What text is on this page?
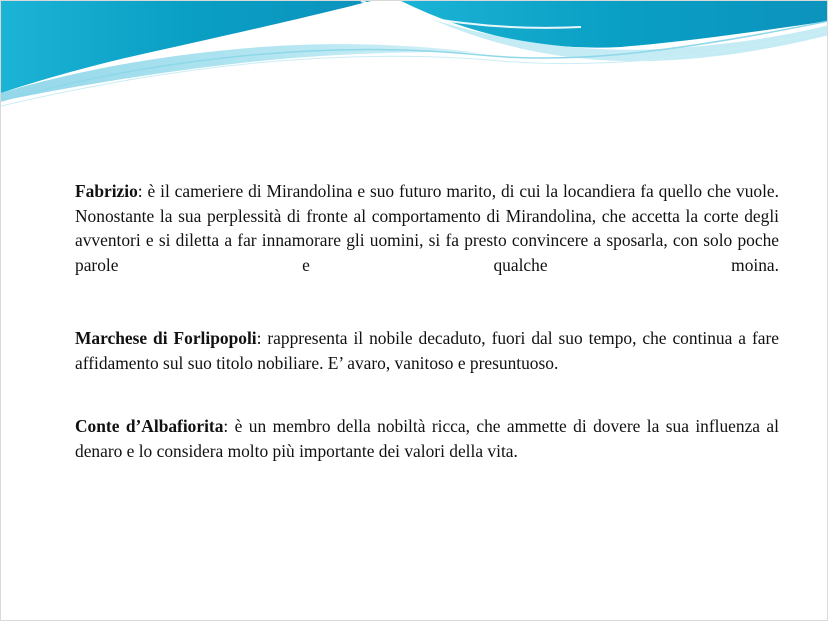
Fabrizio: è il cameriere di Mirandolina e suo futuro marito, di cui la locandiera fa quello che vuole. Nonostante la sua perplessità di fronte al comportamento di Mirandolina, che accetta la corte degli avventori e si diletta a far innamorare gli uomini, si fa presto convincere a sposarla, con solo poche parole e qualche moina.

Marchese di Forlipopoli: rappresenta il nobile decaduto, fuori dal suo tempo, che continua a fare affidamento sul suo titolo nobiliare. E’ avaro, vanitoso e presuntuoso.

Conte d’Albafiorita: è un membro della nobiltà ricca, che ammette di dovere la sua influenza al denaro e lo considera molto più importante dei valori della vita.
